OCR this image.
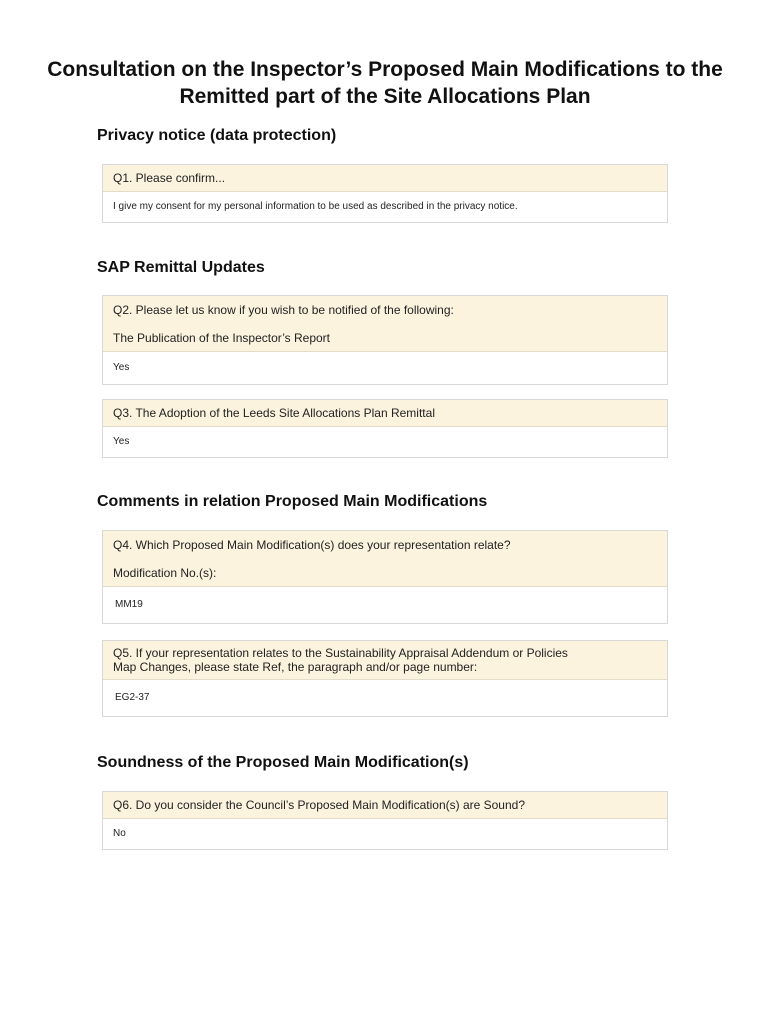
Consultation on the Inspector’s Proposed Main Modifications to the
Remitted part of the Site Allocations Plan
Privacy notice (data protection)
Q1. Please confirm...
I give my consent for my personal information to be used as described in the privacy notice.
SAP Remittal Updates
Q2. Please let us know if you wish to be notified of the following:
The Publication of the Inspector’s Report
Yes
Q3. The Adoption of the Leeds Site Allocations Plan Remittal
Yes
Comments in relation Proposed Main Modifications
Q4. Which Proposed Main Modification(s) does your representation relate?
Modification No.(s):
MM19
Q5. If your representation relates to the Sustainability Appraisal Addendum or Policies
Map Changes, please state Ref, the paragraph and/or page number:
EG2-37
Soundness of the Proposed Main Modification(s)
Q6. Do you consider the Council’s Proposed Main Modification(s) are Sound?
No
